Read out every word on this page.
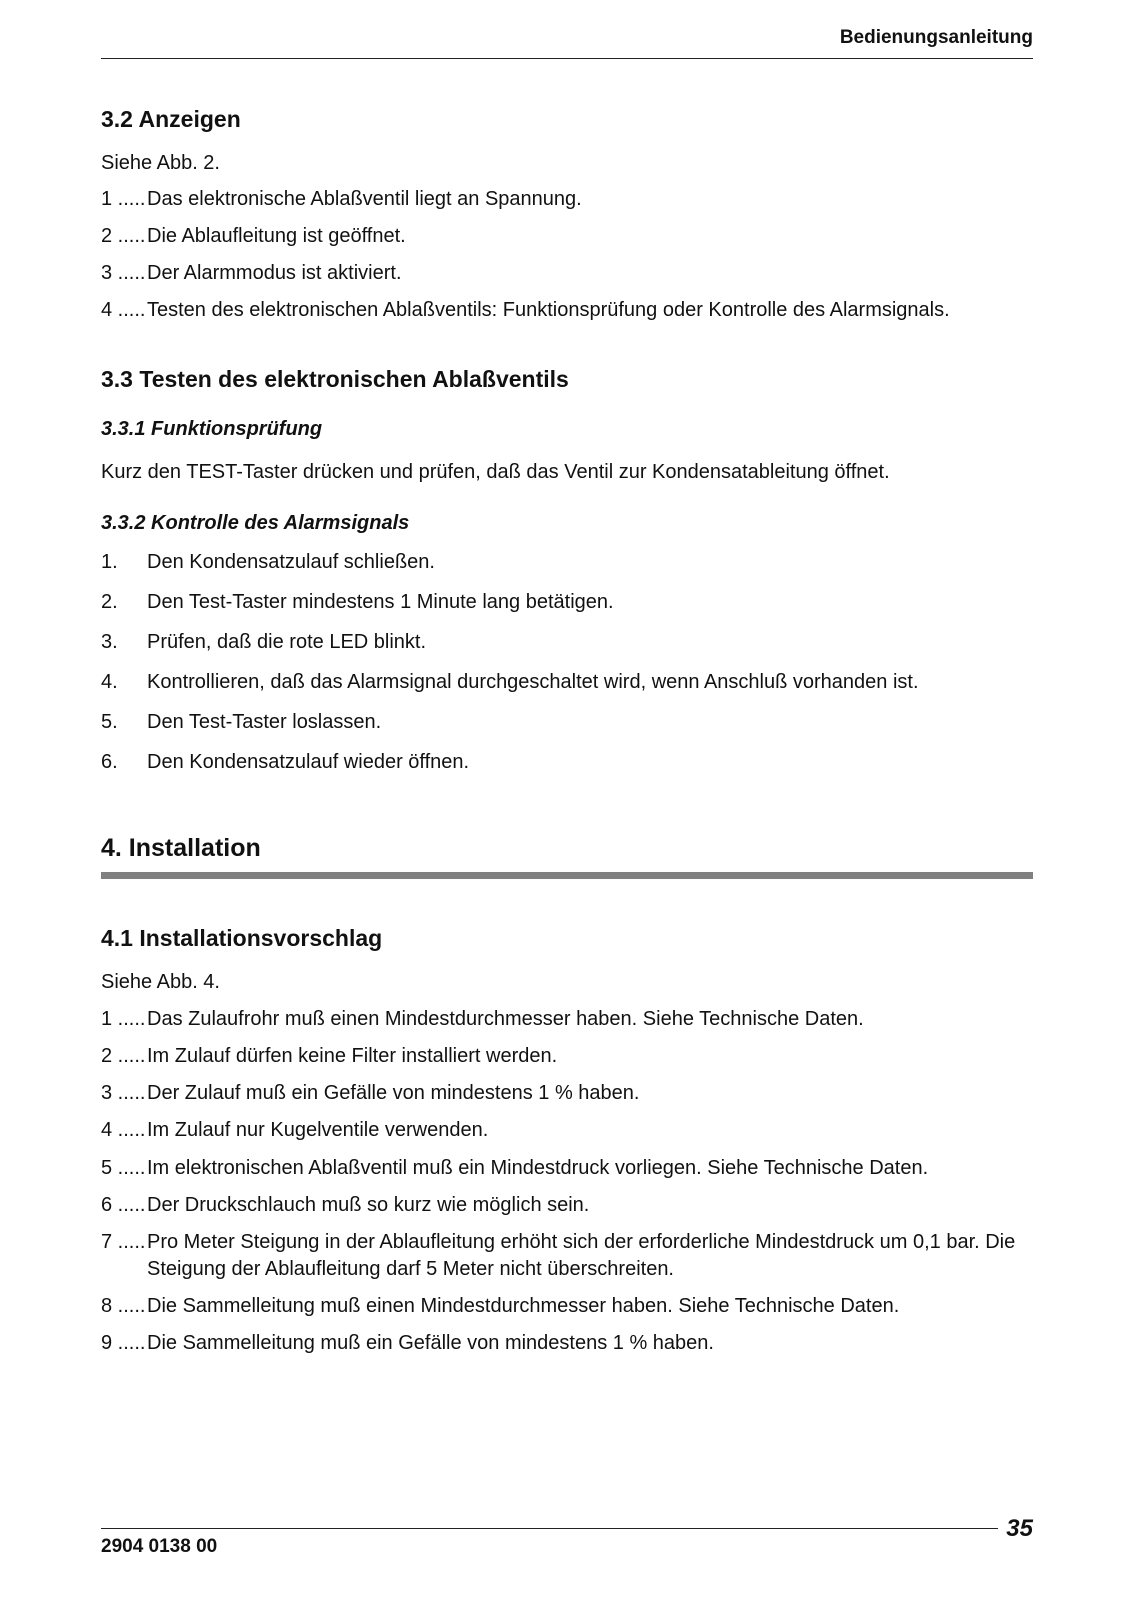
Bedienungsanleitung
3.2 Anzeigen
Siehe Abb. 2.
1 .....	Das elektronische Ablaßventil liegt an Spannung.
2 .....	Die Ablaufleitung ist geöffnet.
3 .....	Der Alarmmodus ist aktiviert.
4 .....	Testen des elektronischen Ablaßventils: Funktionsprüfung oder Kontrolle des Alarmsignals.
3.3 Testen des elektronischen Ablaßventils
3.3.1 Funktionsprüfung
Kurz den TEST-Taster drücken und prüfen, daß das Ventil zur Kondensatableitung öffnet.
3.3.2 Kontrolle des Alarmsignals
1.	Den Kondensatzulauf schließen.
2.	Den Test-Taster mindestens 1 Minute lang betätigen.
3.	Prüfen, daß die rote LED blinkt.
4.	Kontrollieren, daß das Alarmsignal durchgeschaltet wird, wenn Anschluß vorhanden ist.
5.	Den Test-Taster loslassen.
6.	Den Kondensatzulauf wieder öffnen.
4. Installation
4.1 Installationsvorschlag
Siehe Abb. 4.
1 .....	Das Zulaufrohr muß einen Mindestdurchmesser haben. Siehe Technische Daten.
2 .....	Im Zulauf dürfen keine Filter installiert werden.
3 .....	Der Zulauf muß ein Gefälle von mindestens 1 % haben.
4 .....	Im Zulauf nur Kugelventile verwenden.
5 .....	Im elektronischen Ablaßventil muß ein Mindestdruck vorliegen. Siehe Technische Daten.
6 .....	Der Druckschlauch muß so kurz wie möglich sein.
7 .....	Pro Meter Steigung in der Ablaufleitung erhöht sich der erforderliche Mindestdruck um 0,1 bar. Die Steigung der Ablaufleitung darf 5 Meter nicht überschreiten.
8 .....	Die Sammelleitung muß einen Mindestdurchmesser haben. Siehe Technische Daten.
9 .....	Die Sammelleitung muß ein Gefälle von mindestens 1 % haben.
2904 0138 00
35
